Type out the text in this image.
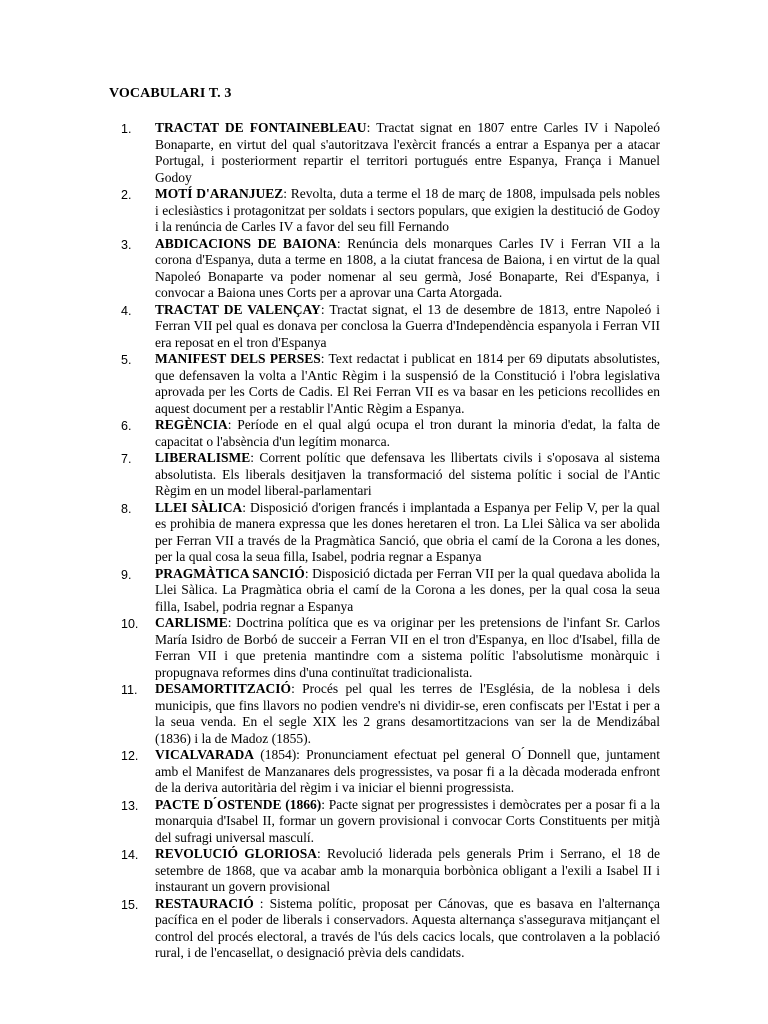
VOCABULARI T. 3
1.	TRACTAT DE FONTAINEBLEAU: Tractat signat en 1807 entre Carles IV i Napoleó Bonaparte, en virtut del qual s'autoritzava l'exèrcit francés a entrar a Espanya per a atacar Portugal, i posteriorment repartir el territori portugués entre Espanya, França i Manuel Godoy
2.	MOTÍ D'ARANJUEZ: Revolta, duta a terme el 18 de març de 1808, impulsada pels nobles i eclesiàstics i protagonitzat per soldats i sectors populars, que exigien la destitució de Godoy i la renúncia de Carles IV a favor del seu fill Fernando
3.	ABDICACIONS DE BAIONA: Renúncia dels monarques Carles IV i Ferran VII a la corona d'Espanya, duta a terme en 1808, a la ciutat francesa de Baiona, i en virtut de la qual Napoleó Bonaparte va poder nomenar al seu germà, José Bonaparte, Rei d'Espanya, i convocar a Baiona unes Corts per a aprovar una Carta Atorgada.
4.	TRACTAT DE VALENÇAY: Tractat signat, el 13 de desembre de 1813, entre Napoleó i Ferran VII pel qual es donava per conclosa la Guerra d'Independència espanyola i Ferran VII era reposat en el tron d'Espanya
5.	MANIFEST DELS PERSES: Text redactat i publicat en 1814 per 69 diputats absolutistes, que defensaven la volta a l'Antic Règim i la suspensió de la Constitució i l'obra legislativa aprovada per les Corts de Cadis. El Rei Ferran VII es va basar en les peticions recollides en aquest document per a restablir l'Antic Règim a Espanya.
6.	REGÈNCIA: Període en el qual algú ocupa el tron durant la minoria d'edat, la falta de capacitat o l'absència d'un legítim monarca.
7.	LIBERALISME: Corrent polític que defensava les llibertats civils i s'oposava al sistema absolutista. Els liberals desitjaven la transformació del sistema polític i social de l'Antic Règim en un model liberal-parlamentari
8.	LLEI SÀLICA: Disposició d'origen francés i implantada a Espanya per Felip V, per la qual es prohibia de manera expressa que les dones heretaren el tron. La Llei Sàlica va ser abolida per Ferran VII a través de la Pragmàtica Sanció, que obria el camí de la Corona a les dones, per la qual cosa la seua filla, Isabel, podria regnar a Espanya
9.	PRAGMÀTICA SANCIÓ: Disposició dictada per Ferran VII per la qual quedava abolida la Llei Sàlica. La Pragmàtica obria el camí de la Corona a les dones, per la qual cosa la seua filla, Isabel, podria regnar a Espanya
10.	CARLISME: Doctrina política que es va originar per les pretensions de l'infant Sr. Carlos María Isidro de Borbó de succeir a Ferran VII en el tron d'Espanya, en lloc d'Isabel, filla de Ferran VII i que pretenia mantindre com a sistema polític l'absolutisme monàrquic i propugnava reformes dins d'una continuïtat tradicionalista.
11.	DESAMORTITZACIÓ: Procés pel qual les terres de l'Església, de la noblesa i dels municipis, que fins llavors no podien vendre's ni dividir-se, eren confiscats per l'Estat i per a la seua venda. En el segle XIX les 2 grans desamortitzacions van ser la de Mendizábal (1836) i la de Madoz (1855).
12.	VICALVARADA (1854): Pronunciament efectuat pel general O ́Donnell que, juntament amb el Manifest de Manzanares dels progressistes, va posar fi a la dècada moderada enfront de la deriva autoritària del règim i va iniciar el bienni progressista.
13.	PACTE D ́OSTENDE (1866): Pacte signat per progressistes i demòcrates per a posar fi a la monarquia d'Isabel II, formar un govern provisional i convocar Corts Constituents per mitjà del sufragi universal masculí.
14.	REVOLUCIÓ GLORIOSA: Revolució liderada pels generals Prim i Serrano, el 18 de setembre de 1868, que va acabar amb la monarquia borbònica obligant a l'exili a Isabel II i instaurant un govern provisional
15.	RESTAURACIÓ : Sistema polític, proposat per Cánovas, que es basava en l'alternança pacífica en el poder de liberals i conservadors. Aquesta alternança s'assegurava mitjançant el control del procés electoral, a través de l'ús dels cacics locals, que controlaven a la població rural, i de l'encasellat, o designació prèvia dels candidats.
